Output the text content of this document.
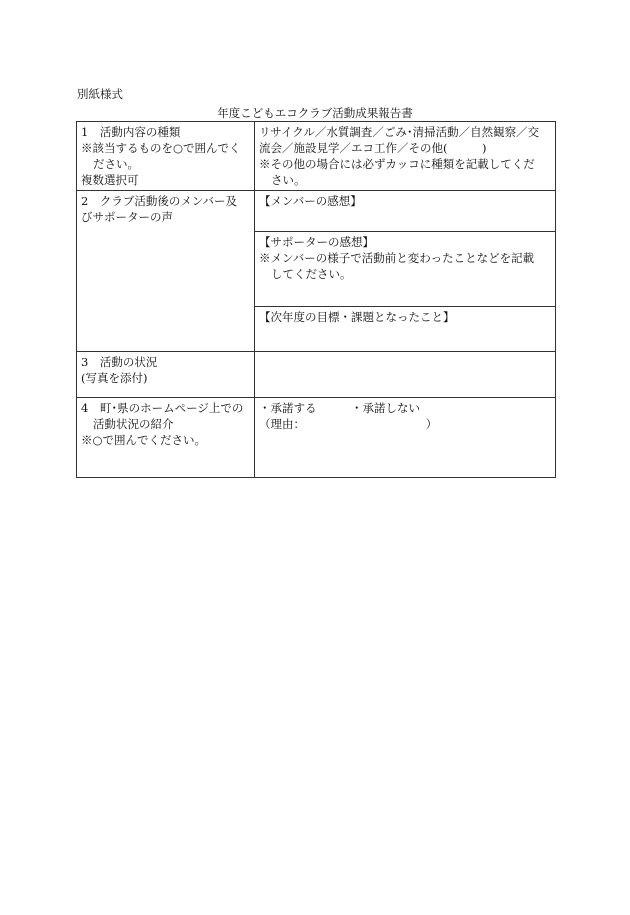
別紙様式
年度こどもエコクラブ活動成果報告書
1　活動内容の種類
※該当するものを○で囲んでく
ださい。
複数選択可	リサイクル／水質調査／ごみ･清掃活動／自然観察／交
流会／施設見学／エコ工作／その他(　　　)
※その他の場合には必ずカッコに種類を記載してくだ
さい。

2　クラブ活動後のメンバー及
びサポーターの声	【メンバーの感想】

	【サポーターの感想】
※メンバーの様子で活動前と変わったことなどを記載
してください。

	【次年度の目標・課題となったこと】

3　活動の状況
(写真を添付)	

4　町･県のホームページ上での
活動状況の紹介
※○で囲んでください。	・承諾する　　　・承諾しない
（理由：　　　　　　　　　　　）
